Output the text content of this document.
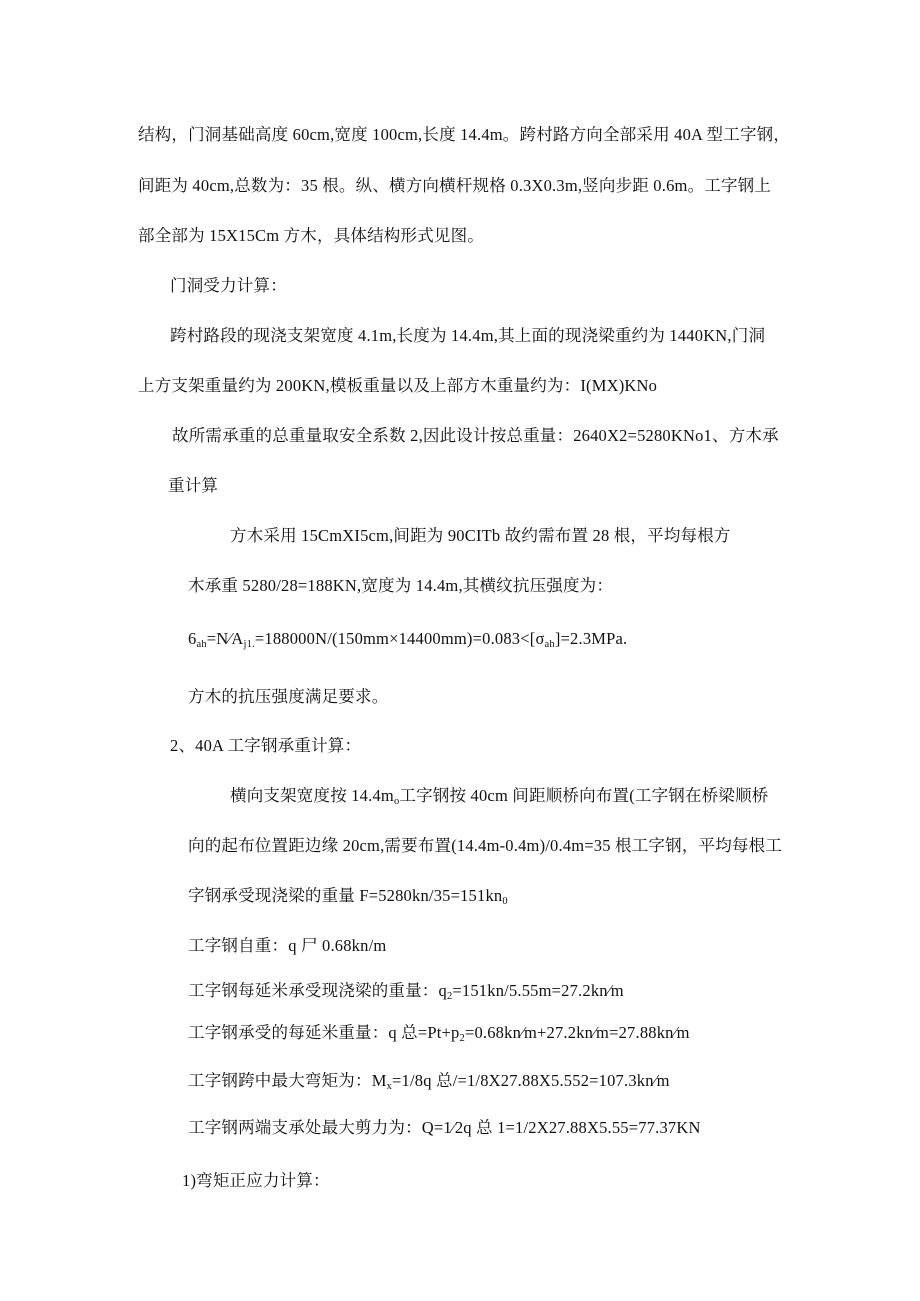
结构，门洞基础高度 60cm,宽度 100cm,长度 14.4m。跨村路方向全部采用 40A 型工字钢，
间距为 40cm,总数为：35 根。纵、横方向横杆规格 0.3X0.3m,竖向步距 0.6m。工字钢上
部全部为 15X15Cm 方木，具体结构形式见图。
门洞受力计算：
跨村路段的现浇支架宽度 4.1m,长度为 14.4m,其上面的现浇梁重约为 1440KN,门洞
上方支架重量约为 200KN,模板重量以及上部方木重量约为：I(MX)KNo
故所需承重的总重量取安全系数 2,因此设计按总重量：2640X2=5280KNo1、方木承
重计算
方木采用 15CmXI5cm,间距为 90CITb 故约需布置 28 根，平均每根方
木承重 5280/28=188KN,宽度为 14.4m,其横纹抗压强度为：
$6_{ah}=N⁄A_{j1.}=188000N/(150mm\times 14400mm)=0.083<[\sigma_{ah}]=2.3MPa$.
方木的抗压强度满足要求。
2、40A 工字钢承重计算：
横向支架宽度按 $14.4m_o$工字钢按 40cm 间距顺桥向布置(工字钢在桥梁顺桥
向的起布位置距边缘 20cm,需要布置(14.4m-0.4m)/0.4m=35 根工字钢，平均每根工
字钢承受现浇梁的重量 $F=5280kn/35=151kn_0$
工字钢自重：q 尸 0.68kn/m
工字钢每延米承受现浇梁的重量：$q_2=151kn/5.55m=27.2kn⁄m$
工字钢承受的每延米重量：q 总$=Pt+p_2=0.68kn⁄m+27.2kn⁄m=27.88kn⁄m$
工字钢跨中最大弯矩为：$M_x=1/8q$ 总/=1/8X27.88X5.552=107.3kn⁄m
工字钢两端支承处最大剪力为：Q=1⁄2q 总 1=1/2X27.88X5.55=77.37KN
1)弯矩正应力计算：
